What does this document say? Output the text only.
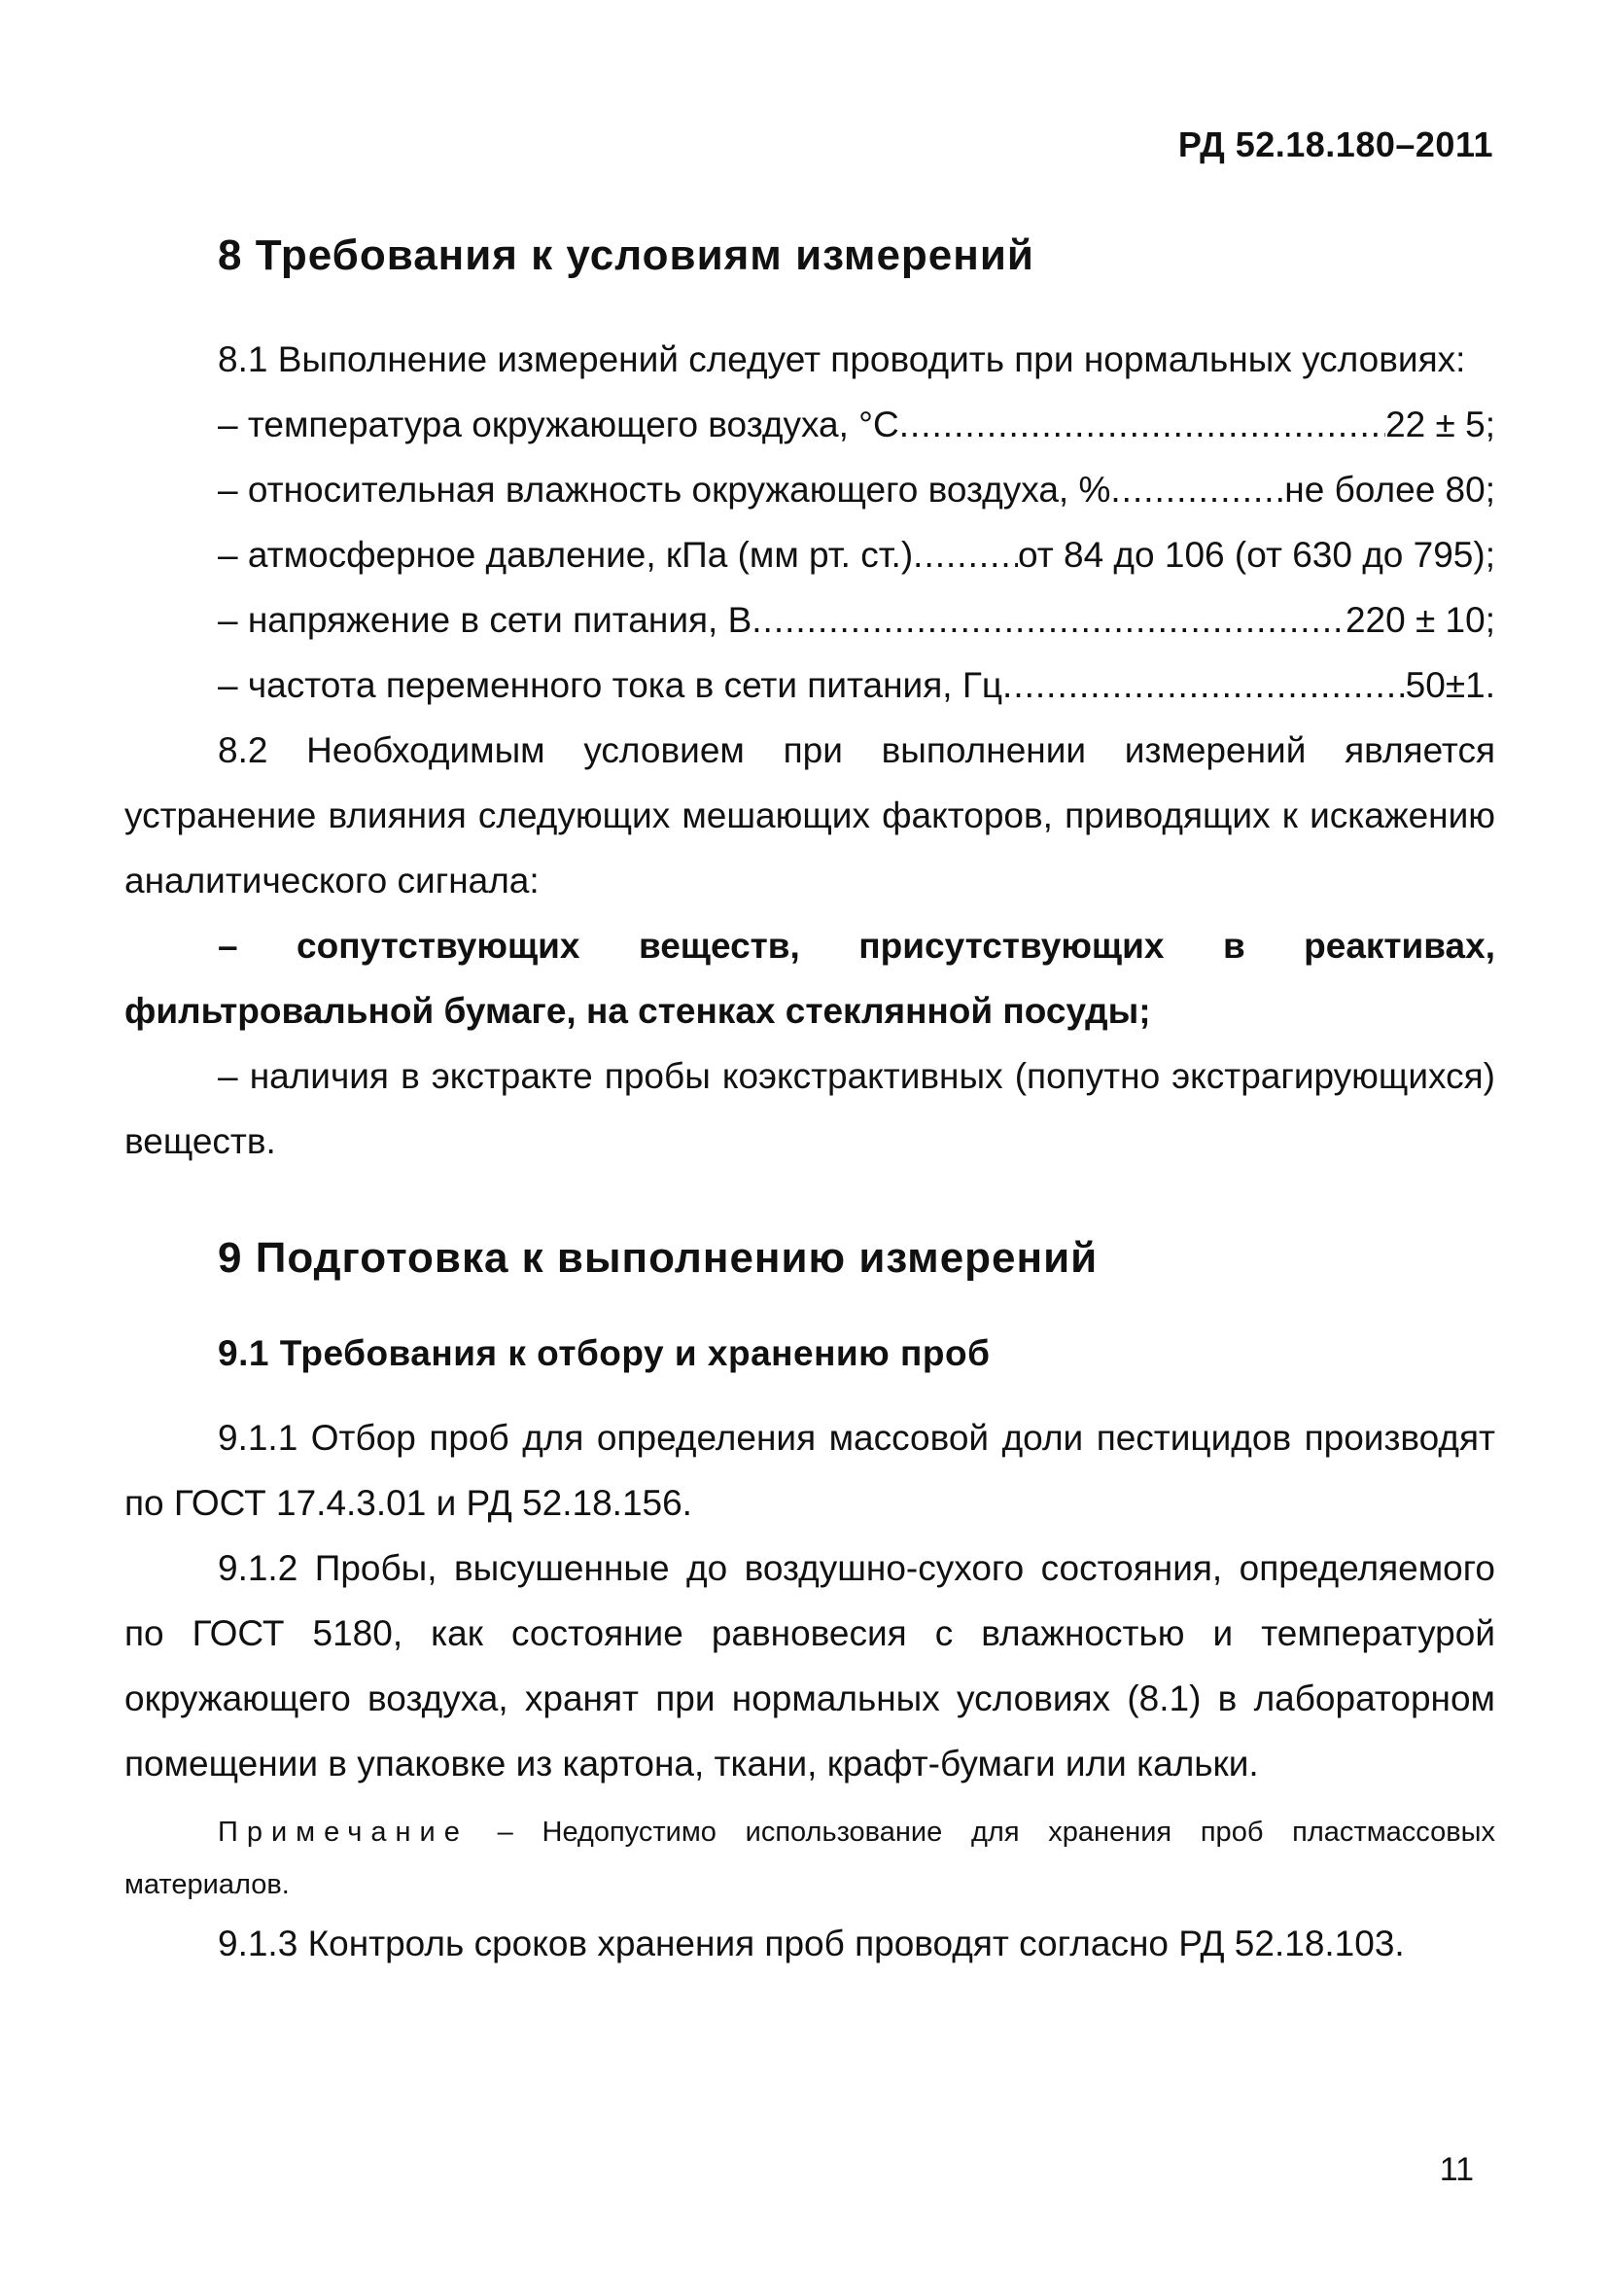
РД 52.18.180–2011
8 Требования к условиям измерений

8.1 Выполнение измерений следует проводить при нормальных условиях:

– температура окружающего воздуха, °С .....	22 ± 5;
– относительная влажность окружающего воздуха, % .....	не более 80;
– атмосферное давление, кПа (мм рт. ст.) .....	от 84 до 106 (от 630 до 795);
– напряжение в сети питания, В .....	220 ± 10;
– частота переменного тока в сети питания, Гц .....	50±1.

8.2 Необходимым условием при выполнении измерений является устранение влияния следующих мешающих факторов, приводящих к искажению аналитического сигнала:

– сопутствующих веществ, присутствующих в реактивах, фильтровальной бумаге, на стенках стеклянной посуды;

– наличия в экстракте пробы коэкстрактивных (попутно экстрагирующихся) веществ.

9 Подготовка к выполнению измерений
9.1 Требования к отбору и хранению проб

9.1.1 Отбор проб для определения массовой доли пестицидов производят по ГОСТ 17.4.3.01 и РД 52.18.156.

9.1.2 Пробы, высушенные до воздушно-сухого состояния, определяемого по ГОСТ 5180, как состояние равновесия с влажностью и температурой окружающего воздуха, хранят при нормальных условиях (8.1) в лабораторном помещении в упаковке из картона, ткани, крафт-бумаги или кальки.

Примечание – Недопустимо использование для хранения проб пластмассовых материалов.

9.1.3 Контроль сроков хранения проб проводят согласно РД 52.18.103.

11
